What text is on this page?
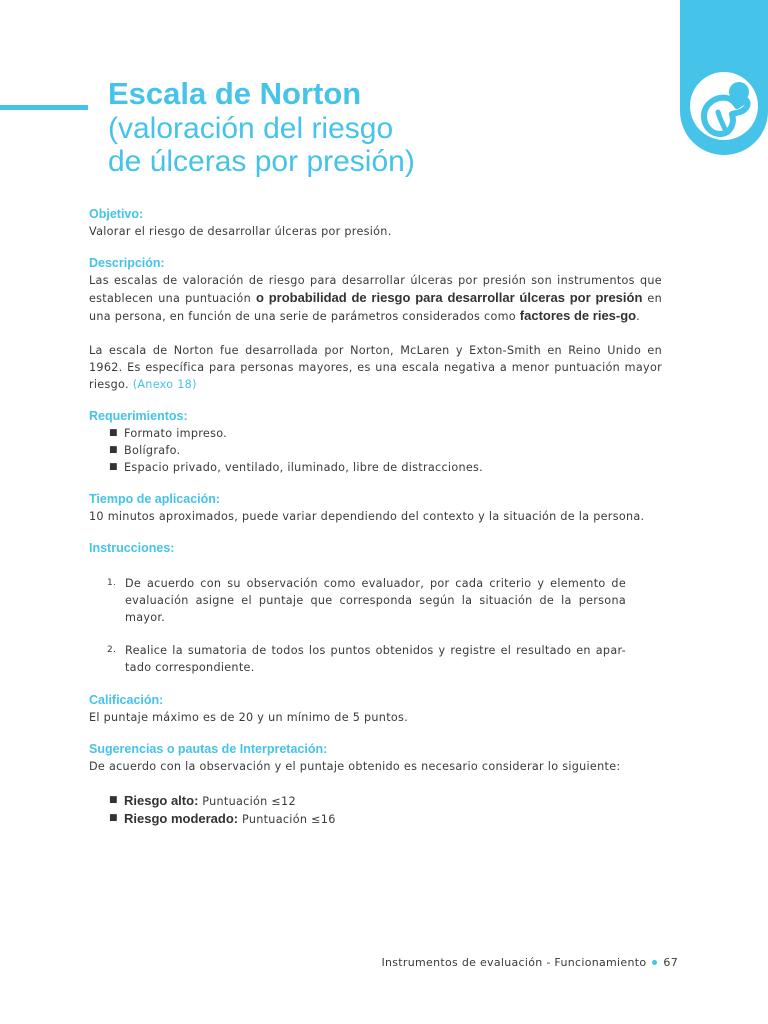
Escala de Norton
(valoración del riesgo
de úlceras por presión)
Objetivo:

Valorar el riesgo de desarrollar úlceras por presión.

Descripción:

Las escalas de valoración de riesgo para desarrollar úlceras por presión son instrumentos que establecen una puntuación o probabilidad de riesgo para desarrollar úlceras por presión en una persona, en función de una serie de parámetros considerados como factores de ries-go.

La escala de Norton fue desarrollada por Norton, McLaren y Exton-Smith en Reino Unido en 1962. Es específica para personas mayores, es una escala negativa a menor puntuación mayor riesgo. (Anexo 18)

Requerimientos:
■ Formato impreso.
■ Bolígrafo.
■ Espacio privado, ventilado, iluminado, libre de distracciones.
Tiempo de aplicación:

10 minutos aproximados, puede variar dependiendo del contexto y la situación de la persona.

Instrucciones:
1. De acuerdo con su observación como evaluador, por cada criterio y elemento de evaluación asigne el puntaje que corresponda según la situación de la persona mayor.
2. Realice la sumatoria de todos los puntos obtenidos y registre el resultado en apar-tado correspondiente.
Calificación:

El puntaje máximo es de 20 y un mínimo de 5 puntos.

Sugerencias o pautas de Interpretación:

De acuerdo con la observación y el puntaje obtenido es necesario considerar lo siguiente:

■ Riesgo alto: Puntuación ≤12
■ Riesgo moderado: Puntuación ≤16
Instrumentos de evaluación - Funcionamiento 67
